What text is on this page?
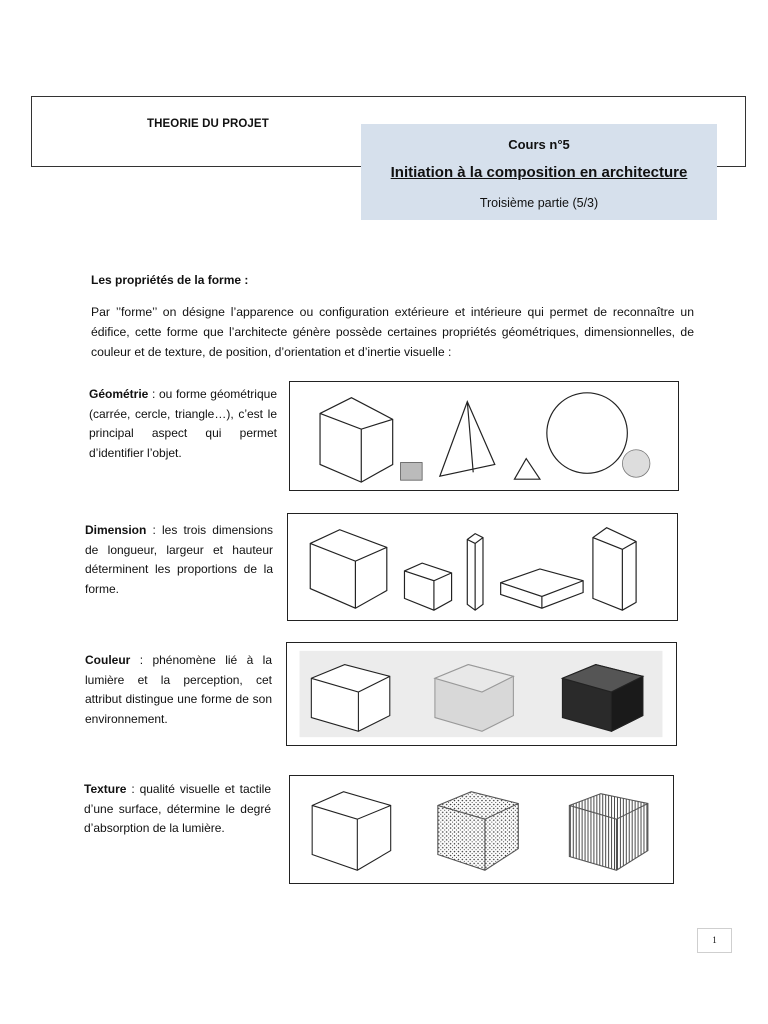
THEORIE DU PROJET
Cours n°5
Initiation à la composition en architecture
Troisième partie (5/3)
Les propriétés de la forme :
Par ’’forme’’ on désigne l’apparence ou configuration extérieure et intérieure qui permet de reconnaître un édifice, cette forme que l’architecte génère possède certaines propriétés géométriques, dimensionnelles, de couleur et de texture, de position, d’orientation et d’inertie visuelle :
Géométrie : ou forme géométrique (carrée, cercle, triangle…), c’est le principal aspect qui permet d’identifier l’objet.
Dimension : les trois dimensions de longueur, largeur et hauteur déterminent les proportions de la forme.
Couleur : phénomène lié à la lumière et la perception, cet attribut distingue une forme de son environnement.
Texture : qualité visuelle et tactile d’une surface, détermine le degré d’absorption de la lumière.
1
